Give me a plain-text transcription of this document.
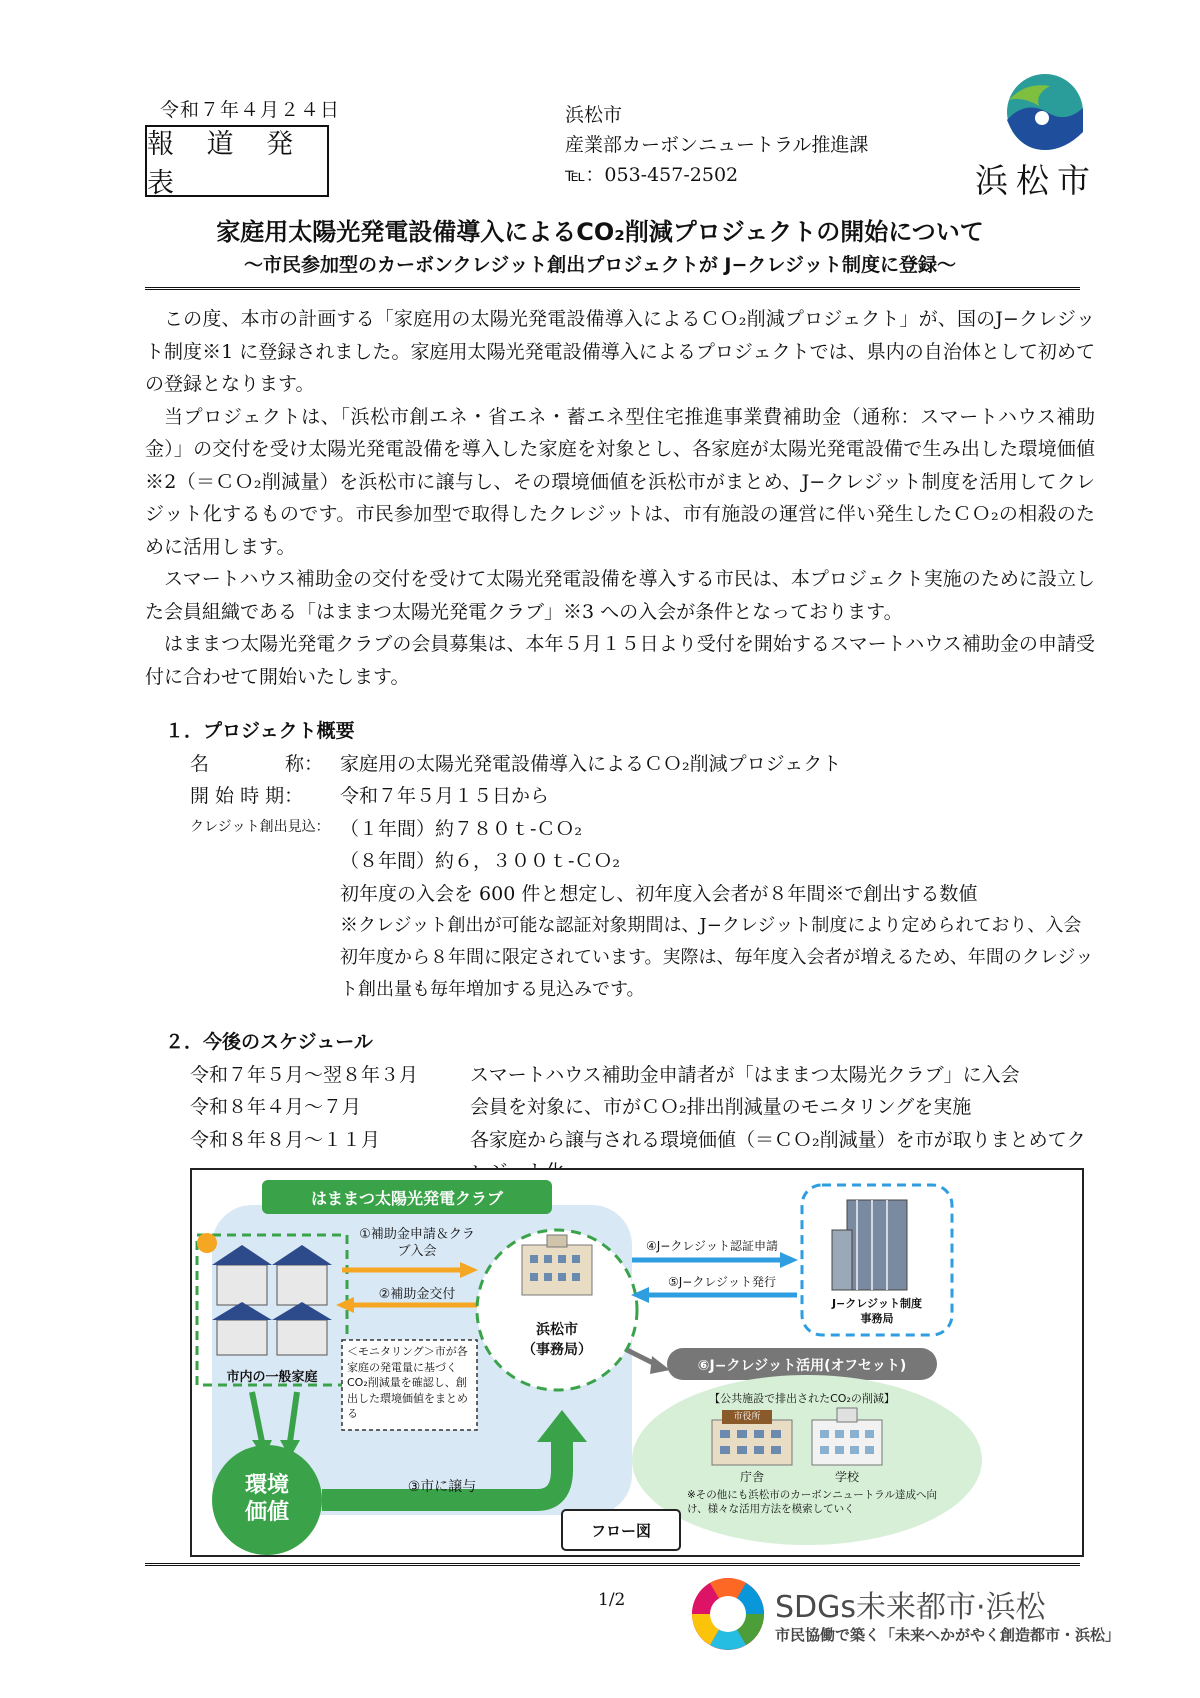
令和７年４月２４日
報 道 発 表
浜松市
産業部カーボンニュートラル推進課
℡：053-457-2502	浜松市
家庭用太陽光発電設備導入によるCO₂削減プロジェクトの開始について
～市民参加型のカーボンクレジット創出プロジェクトが J−クレジット制度に登録～

この度、本市の計画する「家庭用の太陽光発電設備導入によるＣＯ₂削減プロジェクト」が、国のJ−クレジット制度※1 に登録されました。家庭用太陽光発電設備導入によるプロジェクトでは、県内の自治体として初めての登録となります。

当プロジェクトは、「浜松市創エネ・省エネ・蓄エネ型住宅推進事業費補助金（通称：スマートハウス補助金）」の交付を受け太陽光発電設備を導入した家庭を対象とし、各家庭が太陽光発電設備で生み出した環境価値※2（＝ＣＯ₂削減量）を浜松市に譲与し、その環境価値を浜松市がまとめ、J−クレジット制度を活用してクレジット化するものです。市民参加型で取得したクレジットは、市有施設の運営に伴い発生したＣＯ₂の相殺のために活用します。

スマートハウス補助金の交付を受けて太陽光発電設備を導入する市民は、本プロジェクト実施のために設立した会員組織である「はままつ太陽光発電クラブ」※3 への入会が条件となっております。

はままつ太陽光発電クラブの会員募集は、本年５月１５日より受付を開始するスマートハウス補助金の申請受付に合わせて開始いたします。

１．プロジェクト概要
名　　　　称： 家庭用の太陽光発電設備導入によるＣＯ₂削減プロジェクト
開 始 時 期：	令和７年５月１５日から
クレジット創出見込： （１年間）約７８０ｔ-ＣＯ₂
（８年間）約６，３００ｔ-ＣＯ₂
初年度の入会を 600 件と想定し、初年度入会者が８年間※で創出する数値
※クレジット創出が可能な認証対象期間は、J−クレジット制度により定められており、入会初年度から８年間に限定されています。実際は、毎年度入会者が増えるため、年間のクレジット創出量も毎年増加する見込みです。
２．今後のスケジュール
令和７年５月～翌８年３月	スマートハウス補助金申請者が「はままつ太陽光クラブ」に入会
令和８年４月～７月	会員を対象に、市がＣＯ₂排出削減量のモニタリングを実施
令和８年８月～１１月	各家庭から譲与される環境価値（＝ＣＯ₂削減量）を市が取りまとめてク
はままつ太陽光発電クラブ
市内の一般家庭
①補助金申請＆クラブ入会
②補助金交付
③市に譲与
④J−クレジット認証申請
⑤J−クレジット発行
浜松市
（事務局）
＜モニタリング＞市が各家庭の発電量に基づくCO₂削減量を確認し、創出した環境価値をまとめる
環境
価値
J−クレジット制度
事務局
⑥J−クレジット活用(オフセット)
【公共施設で排出されたCO₂の削減】
市役所
庁舎	学校
※その他にも浜松市のカーボンニュートラル達成へ向け、様々な活用方法を模索していく
フロー図
1/2	SDGs未来都市·浜松
市民協働で築く「未来へかがやく創造都市・浜松」
